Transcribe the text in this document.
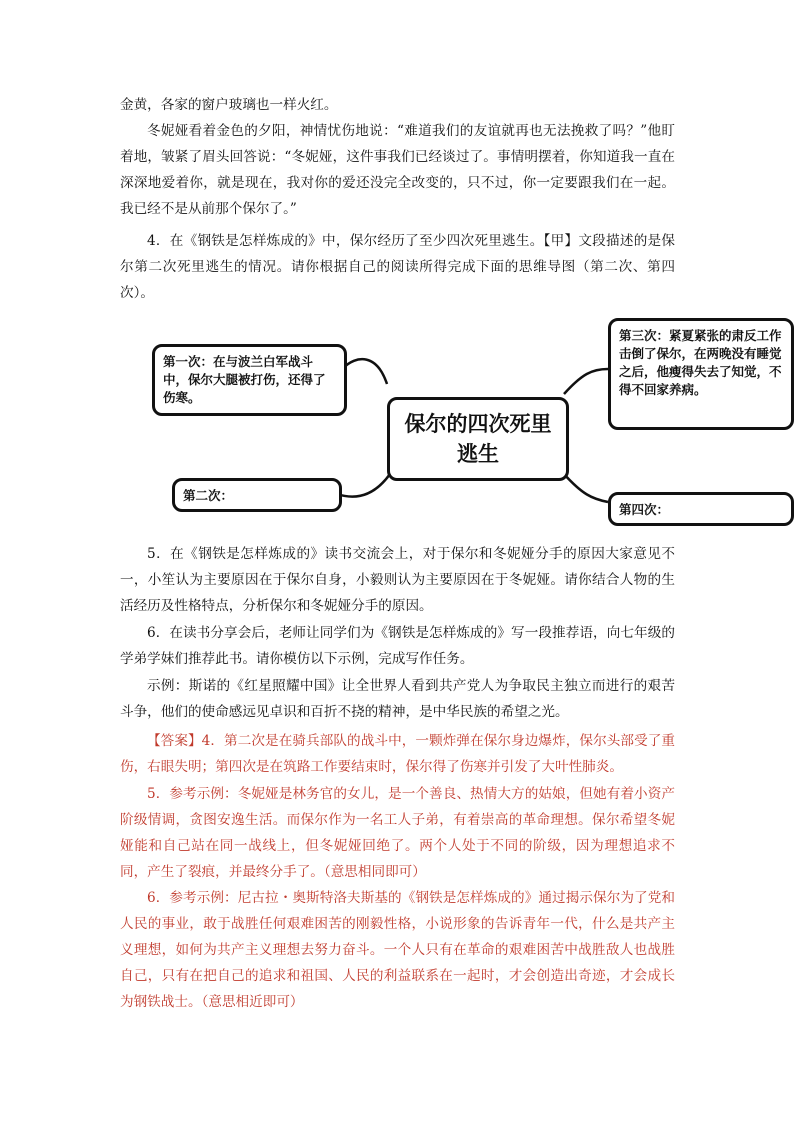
金黄，各家的窗户玻璃也一样火红。
冬妮娅看着金色的夕阳，神情忧伤地说：“难道我们的友谊就再也无法挽救了吗？”他盯着地，皱紧了眉头回答说：“冬妮娅，这件事我们已经谈过了。事情明摆着，你知道我一直在深深地爱着你，就是现在，我对你的爱还没完全改变的，只不过，你一定要跟我们在一起。我已经不是从前那个保尔了。”
4．在《钢铁是怎样炼成的》中，保尔经历了至少四次死里逃生。【甲】文段描述的是保尔第二次死里逃生的情况。请你根据自己的阅读所得完成下面的思维导图（第二次、第四次）。
第一次：在与波兰白军战斗中，保尔大腿被打伤，还得了伤寒。
保尔的四次死里逃生
第二次：
第三次：紧夏紧张的肃反工作击倒了保尔，在两晚没有睡觉之后，他瘦得失去了知觉，不得不回家养病。
第四次：
5．在《钢铁是怎样炼成的》读书交流会上，对于保尔和冬妮娅分手的原因大家意见不一，小笙认为主要原因在于保尔自身，小毅则认为主要原因在于冬妮娅。请你结合人物的生活经历及性格特点，分析保尔和冬妮娅分手的原因。
6．在读书分享会后，老师让同学们为《钢铁是怎样炼成的》写一段推荐语，向七年级的学弟学妹们推荐此书。请你模仿以下示例，完成写作任务。
示例：斯诺的《红星照耀中国》让全世界人看到共产党人为争取民主独立而进行的艰苦斗争，他们的使命感远见卓识和百折不挠的精神，是中华民族的希望之光。
【答案】4．第二次是在骑兵部队的战斗中，一颗炸弹在保尔身边爆炸，保尔头部受了重伤，右眼失明；第四次是在筑路工作要结束时，保尔得了伤寒并引发了大叶性肺炎。
5．参考示例：冬妮娅是林务官的女儿，是一个善良、热情大方的姑娘，但她有着小资产阶级情调，贪图安逸生活。而保尔作为一名工人子弟，有着崇高的革命理想。保尔希望冬妮娅能和自己站在同一战线上，但冬妮娅回绝了。两个人处于不同的阶级，因为理想追求不同，产生了裂痕，并最终分手了。（意思相同即可）
6．参考示例：尼古拉・奥斯特洛夫斯基的《钢铁是怎样炼成的》通过揭示保尔为了党和人民的事业，敢于战胜任何艰难困苦的刚毅性格，小说形象的告诉青年一代，什么是共产主义理想，如何为共产主义理想去努力奋斗。一个人只有在革命的艰难困苦中战胜敌人也战胜自己，只有在把自己的追求和祖国、人民的利益联系在一起时，才会创造出奇迹，才会成长为钢铁战士。（意思相近即可）
